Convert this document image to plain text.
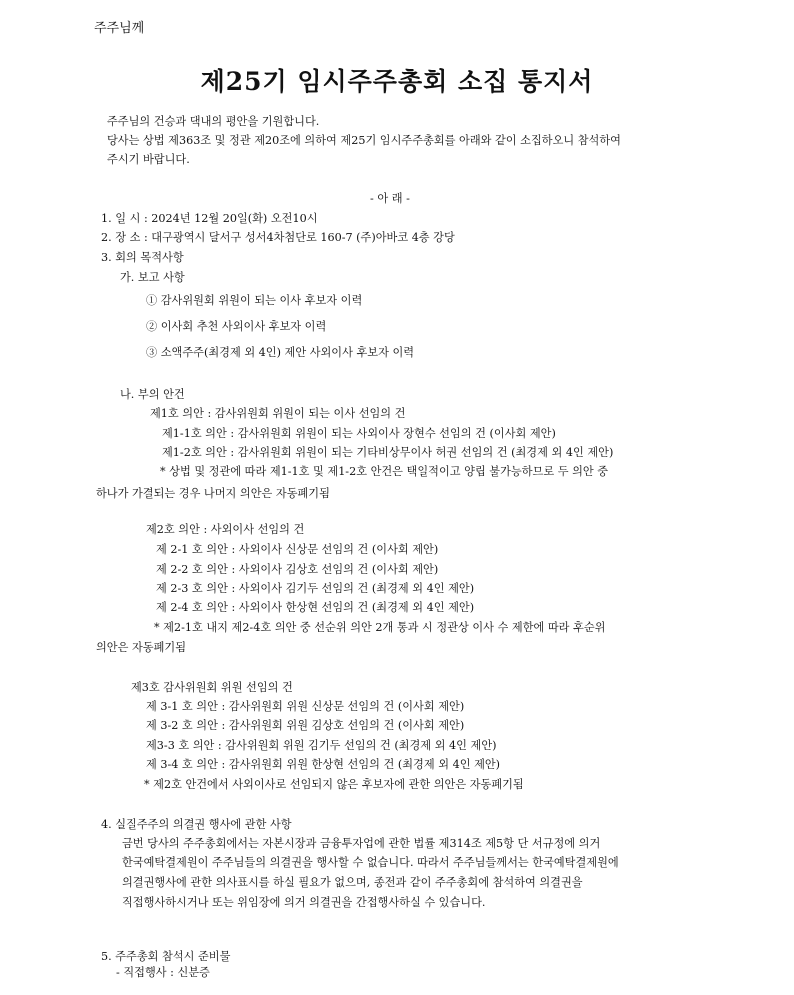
주주님께
제25기 임시주주총회 소집 통지서
주주님의 건승과 댁내의 평안을 기원합니다.
당사는 상법 제363조 및 정관 제20조에 의하여 제25기 임시주주총회를 아래와 같이 소집하오니 참석하여
주시기 바랍니다.
- 아 래 -
1. 일 시 : 2024년 12월 20일(화) 오전10시
2. 장 소 : 대구광역시 달서구 성서4차첨단로 160-7 (주)아바코 4층 강당
3. 회의 목적사항
가. 보고 사항
① 감사위원회 위원이 되는 이사 후보자 이력
② 이사회 추천 사외이사 후보자 이력
③ 소액주주(최경제 외 4인) 제안 사외이사 후보자 이력
나. 부의 안건
제1호 의안 : 감사위원회 위원이 되는 이사 선임의 건
제1-1호 의안 : 감사위원회 위원이 되는 사외이사 장현수 선임의 건 (이사회 제안)
제1-2호 의안 : 감사위원회 위원이 되는 기타비상무이사 허권 선임의 건 (최경제 외 4인 제안)
* 상법 및 정관에 따라 제1-1호 및 제1-2호 안건은 택일적이고 양립 불가능하므로 두 의안 중
하나가 가결되는 경우 나머지 의안은 자동폐기됨
제2호 의안 : 사외이사 선임의 건
제 2-1 호 의안 : 사외이사 신상문 선임의 건 (이사회 제안)
제 2-2 호 의안 : 사외이사 김상호 선임의 건 (이사회 제안)
제 2-3 호 의안 : 사외이사 김기두 선임의 건 (최경제 외 4인 제안)
제 2-4 호 의안 : 사외이사 한상현 선임의 건 (최경제 외 4인 제안)
* 제2-1호 내지 제2-4호 의안 중 선순위 의안 2개 통과 시 정관상 이사 수 제한에 따라 후순위
의안은 자동폐기됨
제3호 감사위원회 위원 선임의 건
제 3-1 호 의안 : 감사위원회 위원 신상문 선임의 건 (이사회 제안)
제 3-2 호 의안 : 감사위원회 위원 김상호 선임의 건 (이사회 제안)
제3-3 호 의안 : 감사위원회 위원 김기두 선임의 건 (최경제 외 4인 제안)
제 3-4 호 의안 : 감사위원회 위원 한상현 선임의 건 (최경제 외 4인 제안)
* 제2호 안건에서 사외이사로 선임되지 않은 후보자에 관한 의안은 자동폐기됨
4. 실질주주의 의결권 행사에 관한 사항
금번 당사의 주주총회에서는 자본시장과 금융투자업에 관한 법률 제314조 제5항 단 서규정에 의거
한국예탁결제원이 주주님들의 의결권을 행사할 수 없습니다. 따라서 주주님들께서는 한국예탁결제원에
의결권행사에 관한 의사표시를 하실 필요가 없으며, 종전과 같이 주주총회에 참석하여 의결권을
직접행사하시거나 또는 위임장에 의거 의결권을 간접행사하실 수 있습니다.
5. 주주총회 참석시 준비물
- 직접행사 : 신분증
